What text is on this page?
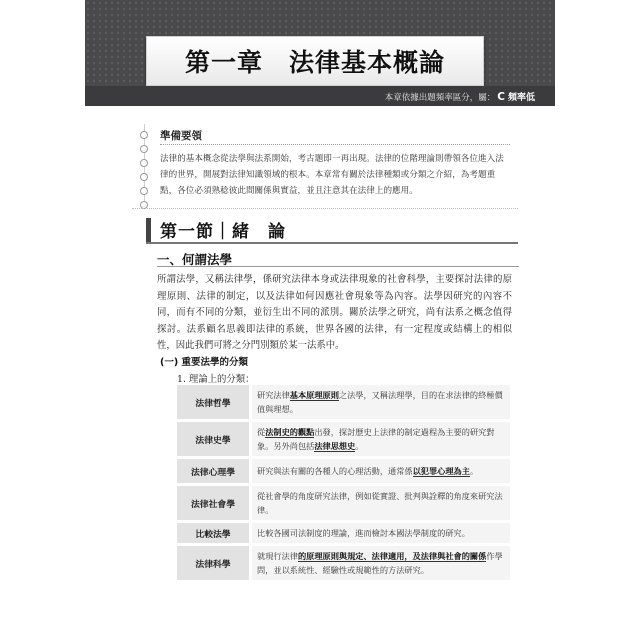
第一章　法律基本概論
本章依據出題頻率區分，屬： C 頻率低
準備要領
法律的基本概念從法學與法系開始，考古題即一再出現。法律的位階理論則帶領各位進入法律的世界，開展對法律知識領域的根本。本章常有關於法律種類或分類之介紹，為考題重點，各位必須熟稔彼此間關係與實益，並且注意其在法律上的應用。
第一節｜緒　論
一、何謂法學
所謂法學，又稱法律學，係研究法律本身或法律現象的社會科學，主要探討法律的原理原則、法律的制定，以及法律如何因應社會現象等為內容。法學因研究的內容不同，而有不同的分類，並衍生出不同的派別。關於法學之研究，尚有法系之概念值得探討。法系顧名思義即法律的系統，世界各國的法律，有一定程度或結構上的相似性，因此我們可將之分門別類於某一法系中。
(一) 重要法學的分類
1. 理論上的分類：
法律哲學
研究法律基本原理原則之法學，又稱法理學，目的在求法律的終極價值與理想。
法律史學
從法制史的觀點出發，探討歷史上法律的制定過程為主要的研究對象。另外尚包括法律思想史。
法律心理學	研究與法有關的各種人的心理活動，通常係以犯罪心理為主。
法律社會學
從社會學的角度研究法律，例如從實證、批判與詮釋的角度來研究法律。
比較法學	比較各國司法制度的理論，進而檢討本國法學制度的研究。
法律科學
就現行法律的原理原則與規定、法律適用，及法律與社會的關係作學問，並以系統性、經驗性或規範性的方法研究。
